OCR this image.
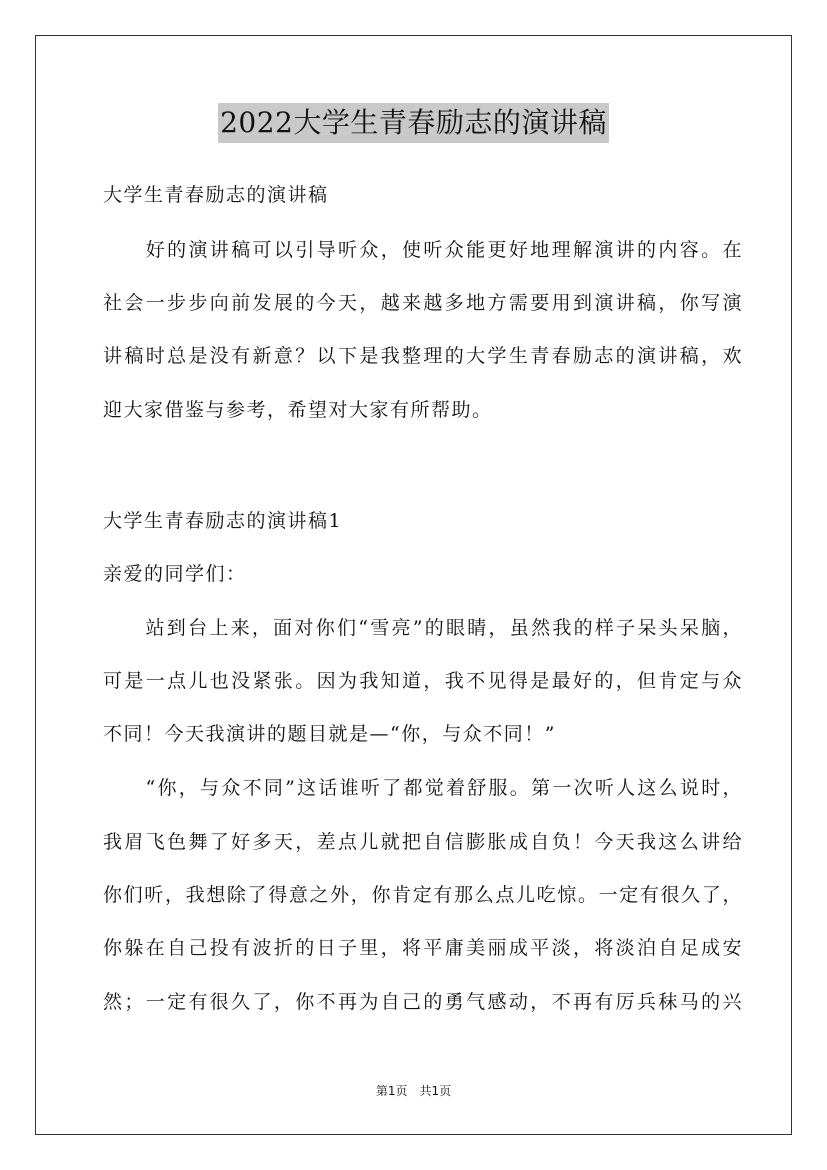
2022大学生青春励志的演讲稿
大学生青春励志的演讲稿
　　好的演讲稿可以引导听众，使听众能更好地理解演讲的内容。在
社会一步步向前发展的今天，越来越多地方需要用到演讲稿，你写演
讲稿时总是没有新意？以下是我整理的大学生青春励志的演讲稿，欢
迎大家借鉴与参考，希望对大家有所帮助。
大学生青春励志的演讲稿1
亲爱的同学们：
　　站到台上来，面对你们“雪亮”的眼睛，虽然我的样子呆头呆脑，
可是一点儿也没紧张。因为我知道，我不见得是最好的，但肯定与众
不同！今天我演讲的题目就是—“你，与众不同！”
　　“你，与众不同”这话谁听了都觉着舒服。第一次听人这么说时，
我眉飞色舞了好多天，差点儿就把自信膨胀成自负！今天我这么讲给
你们听，我想除了得意之外，你肯定有那么点儿吃惊。一定有很久了，
你躲在自己投有波折的日子里，将平庸美丽成平淡，将淡泊自足成安
然；一定有很久了，你不再为自己的勇气感动，不再有厉兵秣马的兴
第1页　共1页
